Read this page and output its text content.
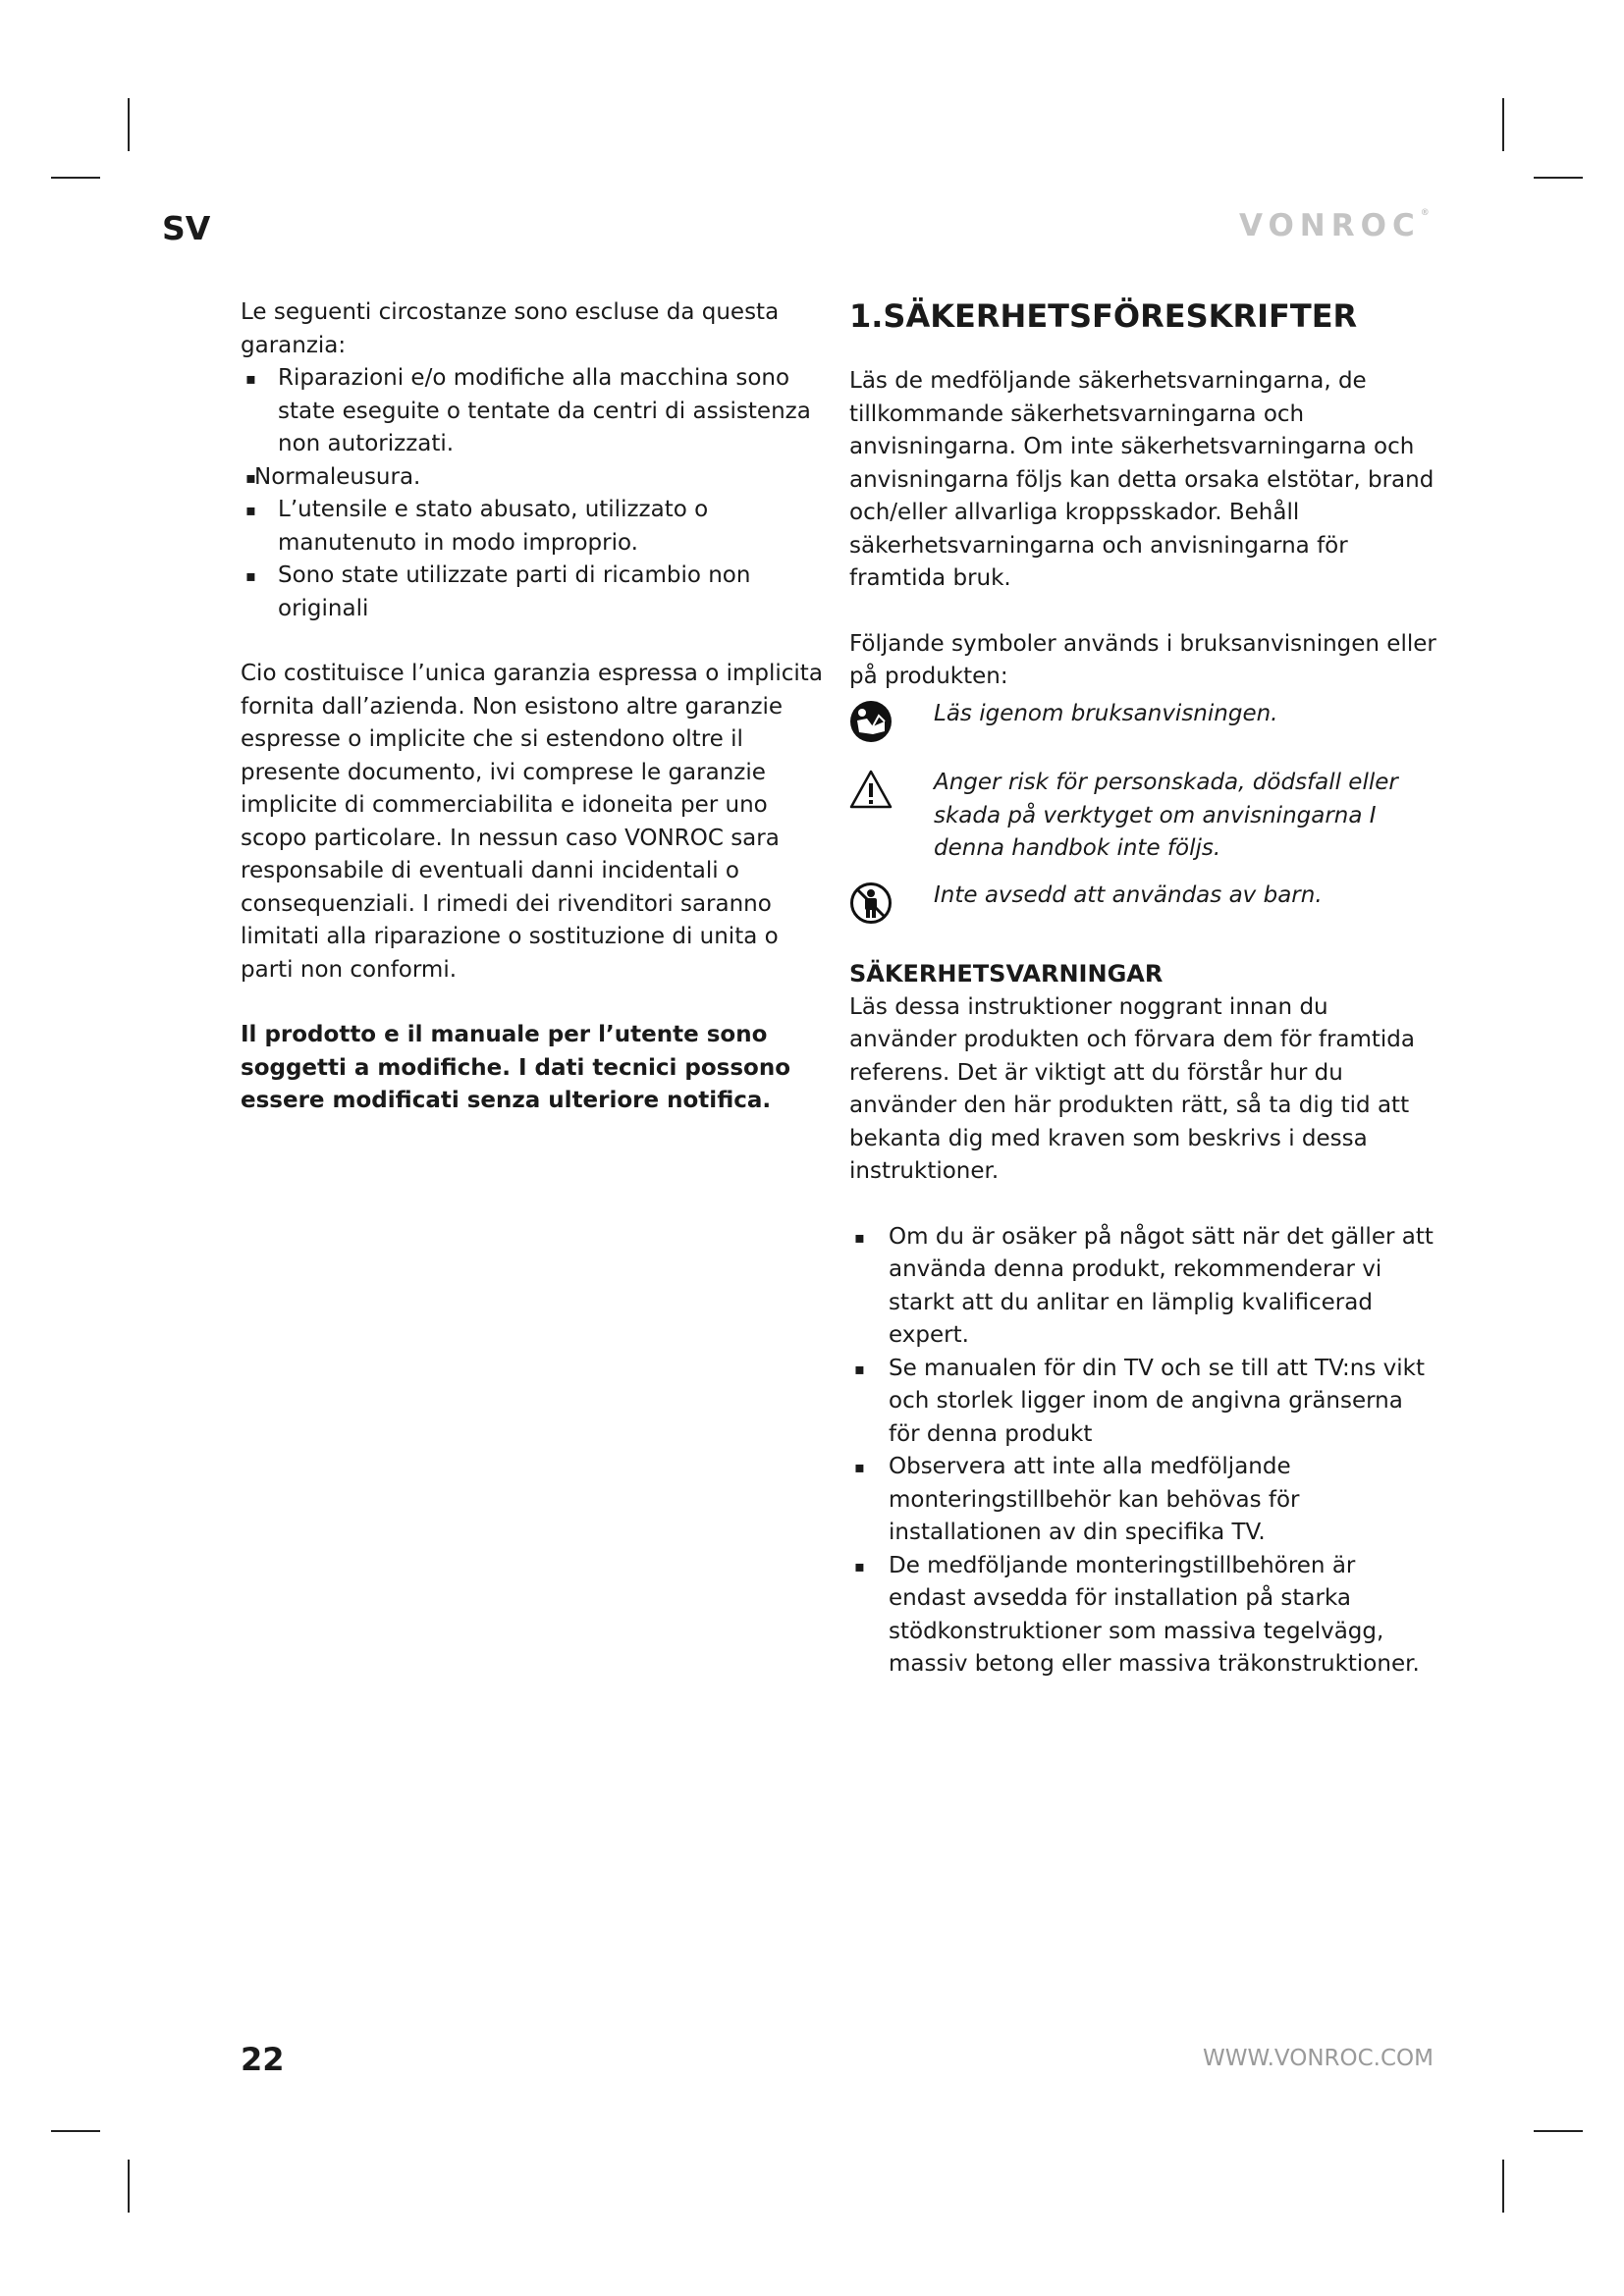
SV	VONROC®

Le seguenti circostanze sono escluse da questa garanzia:

▪ Riparazioni e/o modifiche alla macchina sono state eseguite o tentate da centri di assistenza non autorizzati.
▪ Normaleusura.
▪ L’utensile e stato abusato, utilizzato o manutenuto in modo improprio.
▪ Sono state utilizzate parti di ricambio non originali

Cio costituisce l’unica garanzia espressa o implicita fornita dall’azienda. Non esistono altre garanzie espresse o implicite che si estendono oltre il presente documento, ivi comprese le garanzie implicite di commerciabilita e idoneita per uno scopo particolare. In nessun caso VONROC sara responsabile di eventuali danni incidentali o consequenziali. I rimedi dei rivenditori saranno limitati alla riparazione o sostituzione di unita o parti non conformi.

Il prodotto e il manuale per l’utente sono soggetti a modifiche. I dati tecnici possono essere modificati senza ulteriore notifica.

1.SÄKERHETSFÖRESKRIFTER

Läs de medföljande säkerhetsvarningarna, de tillkommande säkerhetsvarningarna och anvisningarna. Om inte säkerhetsvarningarna och anvisningarna följs kan detta orsaka elstötar, brand och/eller allvarliga kroppsskador. Behåll säkerhetsvarningarna och anvisningarna för framtida bruk.

Följande symboler används i bruksanvisningen eller på produkten:

Läs igenom bruksanvisningen.
Anger risk för personskada, dödsfall eller skada på verktyget om anvisningarna I denna handbok inte följs.
Inte avsedd att användas av barn.
SÄKERHETSVARNINGAR

Läs dessa instruktioner noggrant innan du använder produkten och förvara dem för framtida referens. Det är viktigt att du förstår hur du använder den här produkten rätt, så ta dig tid att bekanta dig med kraven som beskrivs i dessa instruktioner.

▪ Om du är osäker på något sätt när det gäller att använda denna produkt, rekommenderar vi starkt att du anlitar en lämplig kvalificerad expert.
▪ Se manualen för din TV och se till att TV:ns vikt och storlek ligger inom de angivna gränserna för denna produkt
▪ Observera att inte alla medföljande monteringstillbehör kan behövas för installationen av din specifika TV.
▪ De medföljande monteringstillbehören är endast avsedda för installation på starka stödkonstruktioner som massiva tegelvägg, massiv betong eller massiva träkonstruktioner.
22	WWW.VONROC.COM
